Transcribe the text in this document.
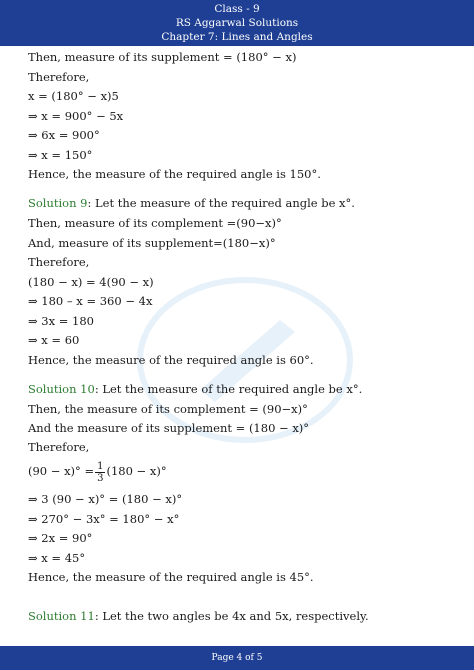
Class - 9
RS Aggarwal Solutions
Chapter 7: Lines and Angles
Then, measure of its supplement = (180° − x)
Therefore,
x = (180° − x)5
⇒ x = 900° − 5x
⇒ 6x = 900°
⇒ x = 150°
Hence, the measure of the required angle is 150°.
Solution 9: Let the measure of the required angle be x°.
Then, measure of its complement =(90−x)°
And, measure of its supplement=(180−x)°
Therefore,
(180 − x) = 4(90 − x)
⇒ 180 – x = 360 − 4x
⇒ 3x = 180
⇒ x = 60
Hence, the measure of the required angle is 60°.
Solution 10: Let the measure of the required angle be x°.
Then, the measure of its complement = (90−x)°
And the measure of its supplement = (180 − x)°
Therefore,
$(90 - x)^\circ = \frac{1}{3} (180 - x)^\circ$
⇒ 3 (90 − x)° = (180 − x)°
⇒ 270° − 3x° = 180° − x°
⇒ 2x = 90°
⇒ x = 45°
Hence, the measure of the required angle is 45°.
Solution 11: Let the two angles be 4x and 5x, respectively.
Page 4 of 5
